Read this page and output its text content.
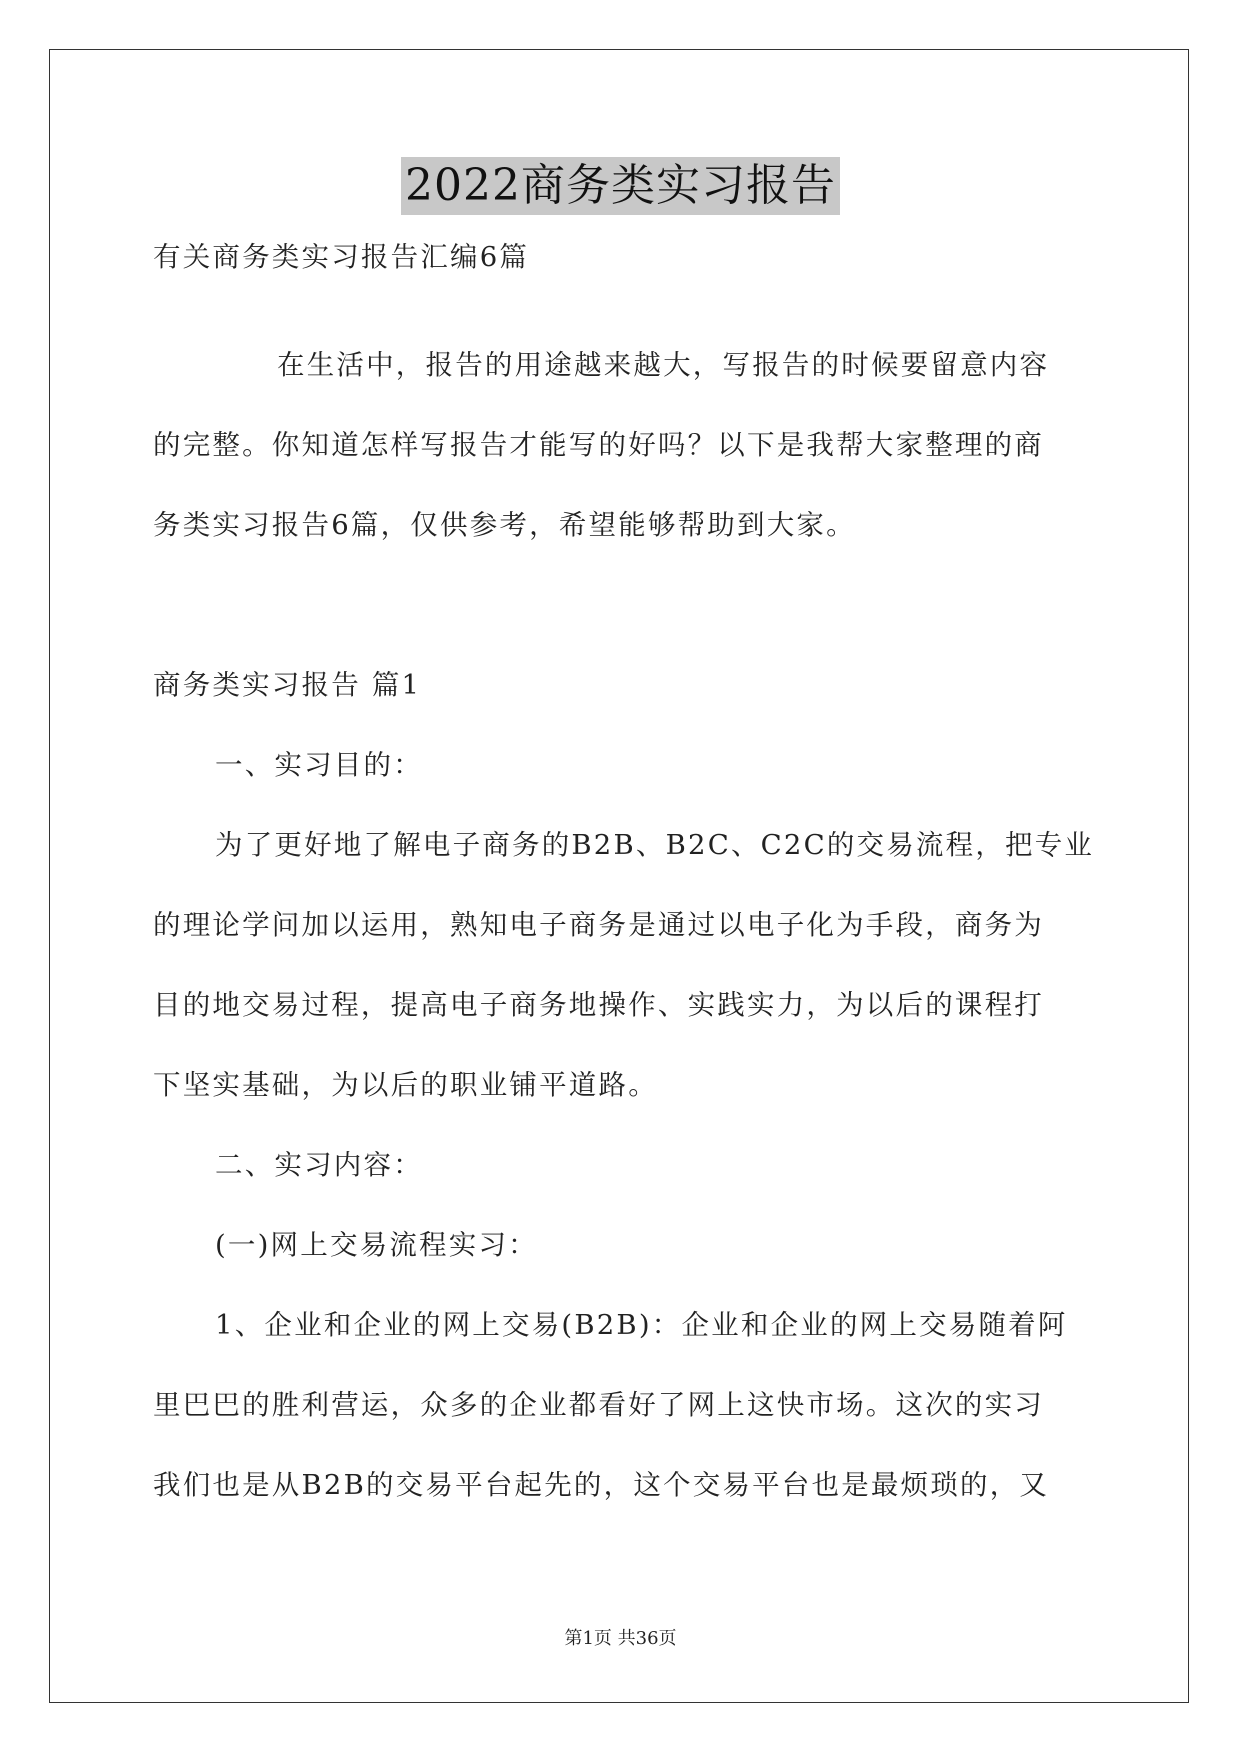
2022商务类实习报告
有关商务类实习报告汇编6篇
在生活中，报告的用途越来越大，写报告的时候要留意内容
的完整。你知道怎样写报告才能写的好吗？以下是我帮大家整理的商
务类实习报告6篇，仅供参考，希望能够帮助到大家。
商务类实习报告 篇1
一、实习目的：
为了更好地了解电子商务的B2B、B2C、C2C的交易流程，把专业
的理论学问加以运用，熟知电子商务是通过以电子化为手段，商务为
目的地交易过程，提高电子商务地操作、实践实力，为以后的课程打
下坚实基础，为以后的职业铺平道路。
二、实习内容：
(一)网上交易流程实习：
1、企业和企业的网上交易(B2B)：企业和企业的网上交易随着阿
里巴巴的胜利营运，众多的企业都看好了网上这快市场。这次的实习
我们也是从B2B的交易平台起先的，这个交易平台也是最烦琐的，又
第1页 共36页
